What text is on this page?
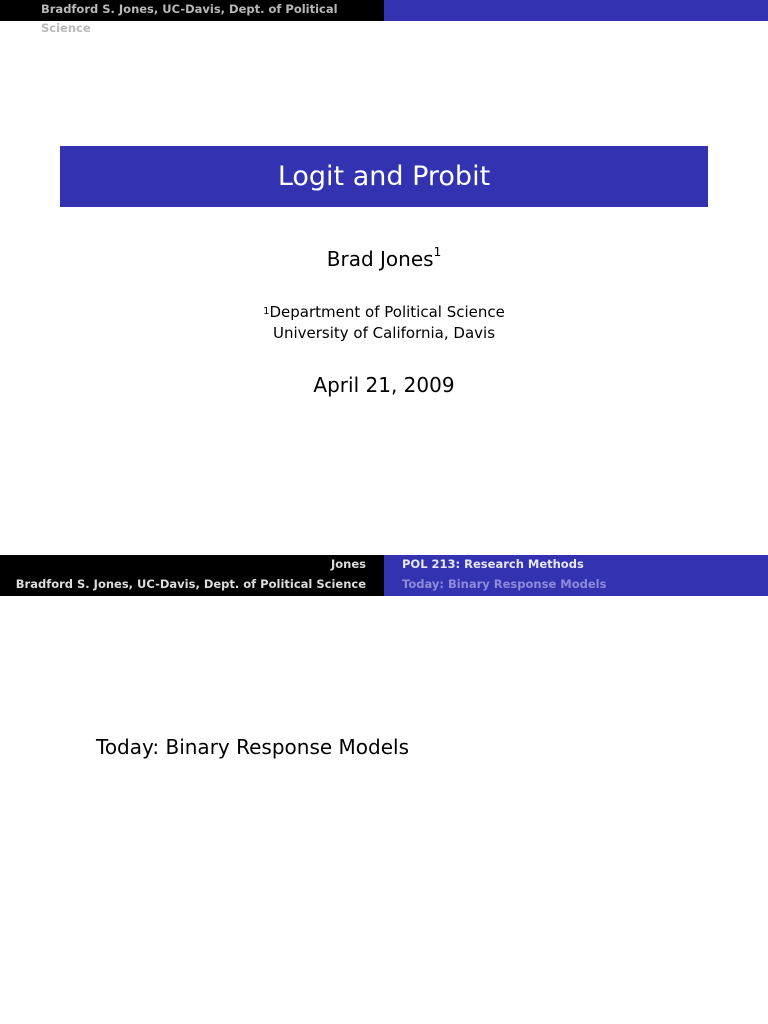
Bradford S. Jones, UC-Davis, Dept. of Political Science
Logit and Probit
Brad Jones$^1$
$^1$Department of Political Science
University of California, Davis
April 21, 2009
Jones
Bradford S. Jones, UC-Davis, Dept. of Political Science
POL 213: Research Methods
Today: Binary Response Models
Today: Binary Response Models
